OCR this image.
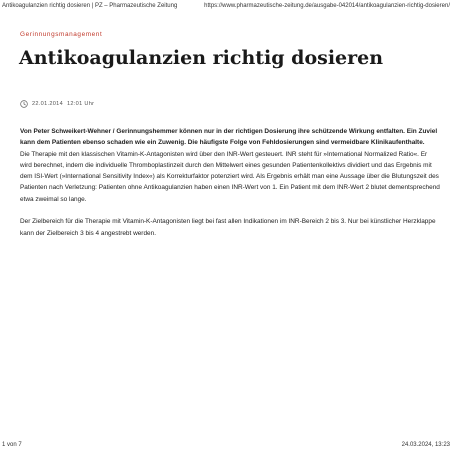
Antikoagulanzien richtig dosieren | PZ – Pharmazeutische Zeitung	https://www.pharmazeutische-zeitung.de/ausgabe-042014/antikoagulanzien-richtig-dosieren/
Gerinnungsmanagement
Antikoagulanzien richtig dosieren
22.01.2014 12:01 Uhr

Von Peter Schweikert-Wehner / Gerinnungshemmer können nur in der richtigen Dosierung ihre schützende Wirkung entfalten. Ein Zuviel kann dem Patienten ebenso schaden wie ein Zuwenig. Die häufigste Folge von Fehldosierungen sind vermeidbare Klinikaufenthalte.

Die Therapie mit den klassischen Vitamin-K-Antagonisten wird über den INR-Wert gesteuert. INR steht für »International Normalized Ratio«. Er wird berechnet, indem die individuelle Thromboplastinzeit durch den Mittelwert eines gesunden Patientenkollektivs dividiert und das Ergebnis mit dem ISI-Wert (»International Sensitivity Index«) als Korrekturfaktor potenziert wird. Als Ergebnis erhält man eine Aussage über die Blutungszeit des Patienten nach Verletzung: Patienten ohne Antikoagulanzien haben einen INR-Wert von 1. Ein Patient mit dem INR-Wert 2 blutet dementsprechend etwa zweimal so lange.

Der Zielbereich für die Therapie mit Vitamin-K-Antagonisten liegt bei fast allen Indikationen im INR-Bereich 2 bis 3. Nur bei künstlicher Herzklappe kann der Zielbereich 3 bis 4 angestrebt werden.

1 von 7	24.03.2024, 13:23
